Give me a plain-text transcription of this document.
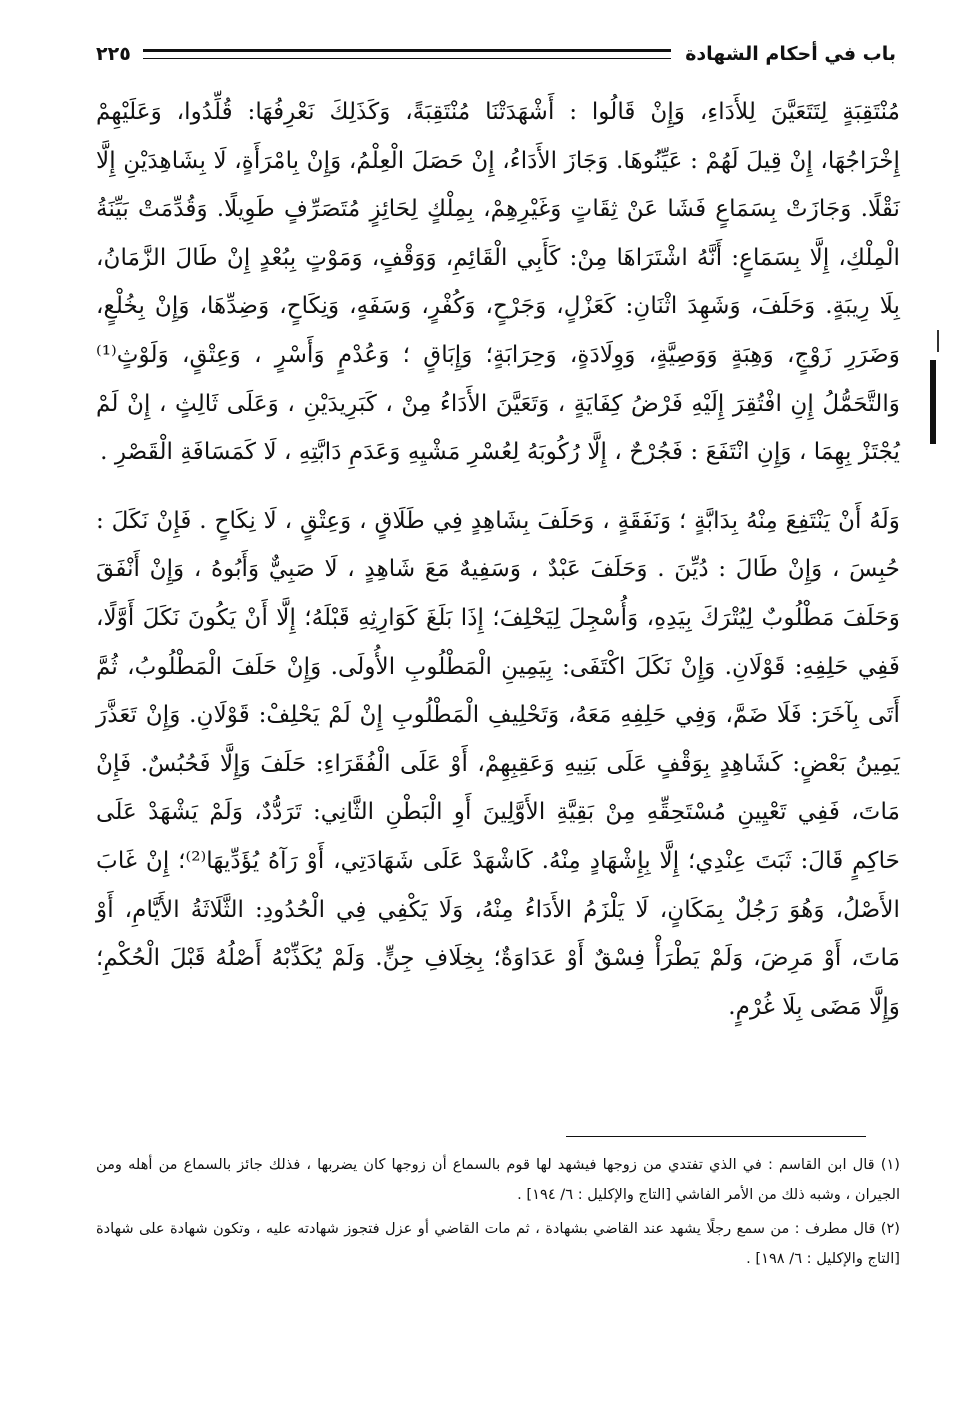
باب في أحكام الشهادة
٢٢٥

مُنْتَقِبَةٍ لِتَتَعَيَّنَ لِلأَدَاءِ، وَإِنْ قَالُوا : أَشْهَدَتْنَا مُنْتَقِبَةً، وَكَذَلِكَ نَعْرِفُهَا: قُلِّدُوا، وَعَلَيْهِمْ إِخْرَاجُهَا، إِنْ قِيلَ لَهُمْ : عَيِّنُوهَا. وَجَازَ الأَدَاءُ، إِنْ حَصَلَ الْعِلْمُ، وَإِنْ بِامْرَأَةٍ، لَا بِشَاهِدَيْنِ إِلَّا نَقْلًا. وَجَازَتْ بِسَمَاعٍ فَشَا عَنْ ثِقَاتٍ وَغَيْرِهِمْ، بِمِلْكٍ لِحَائِزٍ مُتَصَرِّفٍ طَوِيلًا. وَقُدِّمَتْ بَيِّنَةُ الْمِلْكِ، إِلَّا بِسَمَاعٍ: أَنَّهُ اشْتَرَاهَا مِنْ: كَأَبِي الْقَائِمِ، وَوَقْفٍ، وَمَوْتٍ بِبُعْدٍ إِنْ طَالَ الزَّمَانُ، بِلَا رِيبَةٍ. وَحَلَفَ، وَشَهِدَ اثْنَانِ: كَعَزْلٍ، وَجَرْحٍ، وَكُفْرٍ، وَسَفَهٍ، وَنِكَاحٍ، وَضِدِّهَا، وَإِنْ بِخُلْعٍ، وَضَرَرِ زَوْجٍ، وَهِبَةٍ وَوَصِيَّةٍ، وَوِلَادَةٍ، وَحِرَابَةٍ؛ وَإِبَاقٍ ؛ وَعُدْمٍ وَأَسْرٍ ، وَعِتْقٍ، وَلَوْثٍ⁽¹⁾ وَالتَّحَمُّلُ إِنِ افْتُقِرَ إِلَيْهِ فَرْضُ كِفَايَةٍ ، وَتَعَيَّنَ الأَدَاءُ مِنْ ، كَبَرِيدَيْنِ ، وَعَلَى ثَالِثٍ ، إِنْ لَمْ يُجْتَزْ بِهِمَا ، وَإِنِ انْتَفَعَ : فَجُرْحٌ ، إِلَّا رُكُوبَهُ لِعُسْرِ مَشْيِهِ وَعَدَمِ دَابَّتِهِ ، لَا كَمَسَافَةِ الْقَصْرِ .

وَلَهُ أَنْ يَنْتَفِعَ مِنْهُ بِدَابَّةٍ ؛ وَنَفَقَةٍ ، وَحَلَفَ بِشَاهِدٍ فِي طَلَاقٍ ، وَعِتْقٍ ، لَا نِكَاحٍ . فَإِنْ نَكَلَ : حُبِسَ ، وَإِنْ طَالَ : دُيِّنَ . وَحَلَفَ عَبْدٌ ، وَسَفِيهٌ مَعَ شَاهِدٍ ، لَا صَبِيٌّ وَأَبُوهُ ، وَإِنْ أَنْفَقَ وَحَلَفَ مَطْلُوبٌ لِيُتْرَكَ بِيَدِهِ، وَأُسْجِلَ لِيَحْلِفَ؛ إِذَا بَلَغَ كَوَارِثِهِ قَبْلَهُ؛ إِلَّا أَنْ يَكُونَ نَكَلَ أَوَّلًا، فَفِي حَلِفِهِ: قَوْلَانِ. وَإِنْ نَكَلَ اكْتَفَى: بِيَمِينِ الْمَطْلُوبِ الأُولَى. وَإِنْ حَلَفَ الْمَطْلُوبُ، ثُمَّ أَتَى بِآخَرَ: فَلَا ضَمَّ، وَفِي حَلِفِهِ مَعَهُ، وَتَحْلِيفِ الْمَطْلُوبِ إِنْ لَمْ يَحْلِفْ: قَوْلَانِ. وَإِنْ تَعَذَّرَ يَمِينُ بَعْضٍ: كَشَاهِدٍ بِوَقْفٍ عَلَى بَنِيهِ وَعَقِبِهِمْ، أَوْ عَلَى الْفُقَرَاءِ: حَلَفَ وَإِلَّا فَحُبُسٌ. فَإِنْ مَاتَ، فَفِي تَعْيِينِ مُسْتَحِقِّهِ مِنْ بَقِيَّةِ الأَوَّلِينَ أَوِ الْبَطْنِ الثَّانِي: تَرَدُّدٌ، وَلَمْ يَشْهَدْ عَلَى حَاكِمٍ قَالَ: ثَبَتَ عِنْدِي؛ إِلَّا بِإِشْهَادٍ مِنْهُ. كَاشْهَدْ عَلَى شَهَادَتِي، أَوْ رَآهُ يُؤَدِّيهَا⁽²⁾؛ إِنْ غَابَ الأَصْلُ، وَهُوَ رَجُلٌ بِمَكَانٍ، لَا يَلْزَمُ الأَدَاءُ مِنْهُ، وَلَا يَكْفِي فِي الْحُدُودِ: الثَّلَاثَةُ الأَيَّامِ، أَوْ مَاتَ، أَوْ مَرِضَ، وَلَمْ يَطْرَأْ فِسْقٌ أَوْ عَدَاوَةٌ؛ بِخِلَافِ جِنٍّ. وَلَمْ يُكَذِّبْهُ أَصْلُهُ قَبْلَ الْحُكْمِ؛ وَإِلَّا مَضَى بِلَا غُرْمٍ.

(١) قال ابن القاسم : في الذي تفتدي من زوجها فيشهد لها قوم بالسماع أن زوجها كان يضربها ، فذلك جائز بالسماع من أهله ومن الجيران ، وشبه ذلك من الأمر الفاشي [التاج والإكليل : ٦/ ١٩٤] .

(٢) قال مطرف : من سمع رجلًا يشهد عند القاضي بشهادة ، ثم مات القاضي أو عزل فتجوز شهادته عليه ، وتكون شهادة على شهادة [التاج والإكليل : ٦/ ١٩٨] .
